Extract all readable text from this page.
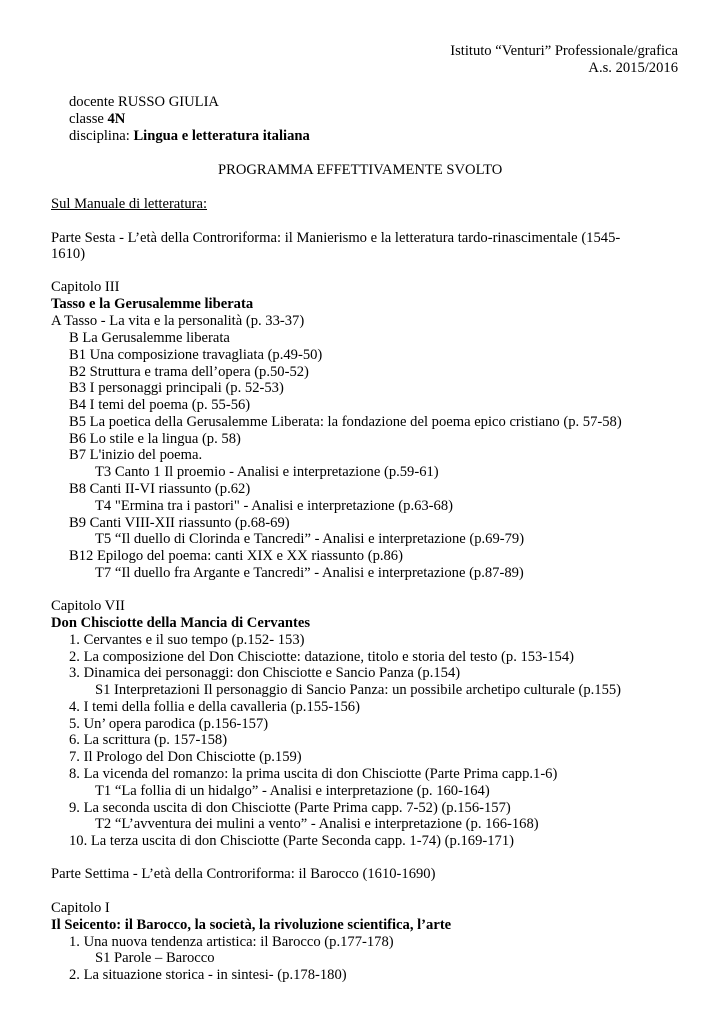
Istituto “Venturi” Professionale/grafica
A.s. 2015/2016
docente RUSSO GIULIA
classe 4N
disciplina: Lingua e letteratura italiana
PROGRAMMA EFFETTIVAMENTE SVOLTO
Sul Manuale di letteratura:
Parte Sesta - L’età della Controriforma: il Manierismo e la letteratura tardo-rinascimentale (1545-
1610)
Capitolo III
Tasso e la Gerusalemme liberata
A Tasso - La vita e la personalità (p. 33-37)
B La Gerusalemme liberata
B1 Una composizione travagliata (p.49-50)
B2 Struttura e trama dell’opera (p.50-52)
B3 I personaggi principali (p. 52-53)
B4 I temi del poema (p. 55-56)
B5 La poetica della Gerusalemme Liberata: la fondazione del poema epico cristiano (p. 57-58)
B6 Lo stile e la lingua (p. 58)
B7 L'inizio del poema.
T3 Canto 1 Il proemio - Analisi e interpretazione (p.59-61)
B8 Canti II-VI riassunto (p.62)
T4 "Ermina tra i pastori" - Analisi e interpretazione (p.63-68)
B9 Canti VIII-XII riassunto (p.68-69)
T5 “Il duello di Clorinda e Tancredi” - Analisi e interpretazione (p.69-79)
B12 Epilogo del poema: canti XIX e XX riassunto (p.86)
T7 “Il duello fra Argante e Tancredi” - Analisi e interpretazione (p.87-89)
Capitolo VII
Don Chisciotte della Mancia di Cervantes
1. Cervantes e il suo tempo (p.152- 153)
2. La composizione del Don Chisciotte: datazione, titolo e storia del testo (p. 153-154)
3. Dinamica dei personaggi: don Chisciotte e Sancio Panza (p.154)
S1 Interpretazioni Il personaggio di Sancio Panza: un possibile archetipo culturale (p.155)
4. I temi della follia e della cavalleria (p.155-156)
5. Un’ opera parodica (p.156-157)
6. La scrittura (p. 157-158)
7. Il Prologo del Don Chisciotte (p.159)
8. La vicenda del romanzo: la prima uscita di don Chisciotte (Parte Prima capp.1-6)
T1 “La follia di un hidalgo” - Analisi e interpretazione (p. 160-164)
9. La seconda uscita di don Chisciotte (Parte Prima capp. 7-52) (p.156-157)
T2 “L’avventura dei mulini a vento” - Analisi e interpretazione (p. 166-168)
10. La terza uscita di don Chisciotte (Parte Seconda capp. 1-74) (p.169-171)
Parte Settima - L’età della Controriforma: il Barocco (1610-1690)
Capitolo I
Il Seicento: il Barocco, la società, la rivoluzione scientifica, l’arte
1. Una nuova tendenza artistica: il Barocco (p.177-178)
S1 Parole – Barocco
2. La situazione storica - in sintesi- (p.178-180)
